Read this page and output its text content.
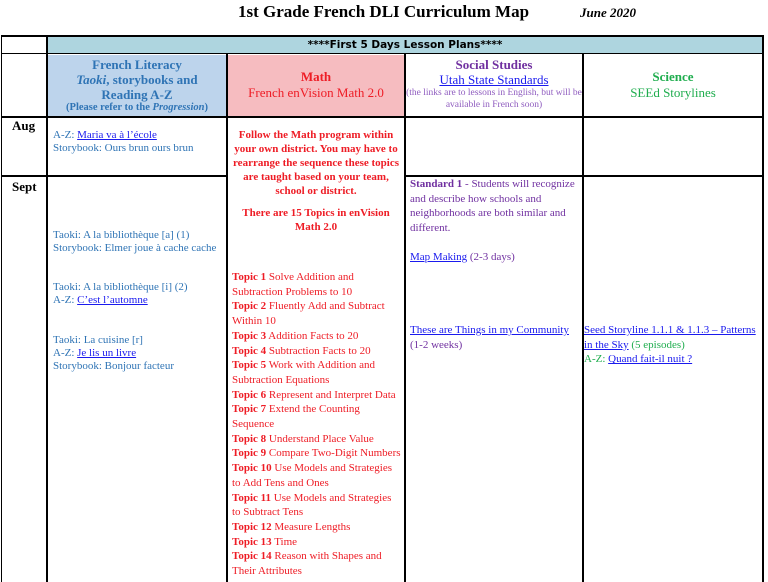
1st Grade French DLI Curriculum Map	June 2020
****First 5 Days Lesson Plans****
French Literacy
Taoki, storybooks and
Reading A-Z
(Please refer to the Progression)
Math
French enVision Math 2.0
Social Studies
Utah State Standards
(the links are to lessons in English, but will be available in French soon)
Science
SEEd Storylines
Aug
Sept
A-Z: Maria va à l’école
Storybook: Ours brun ours brun
Taoki: A la bibliothèque [a] (1)
Storybook: Elmer joue à cache cache
Taoki: A la bibliothèque [i] (2)
A-Z: C’est l’automne
Taoki: La cuisine [r]
A-Z: Je lis un livre
Storybook: Bonjour facteur
Follow the Math program within your own district. You may have to rearrange the sequence these topics are taught based on your team, school or district.
There are 15 Topics in enVision Math 2.0
Topic 1 Solve Addition and Subtraction Problems to 10
Topic 2 Fluently Add and Subtract Within 10
Topic 3 Addition Facts to 20
Topic 4 Subtraction Facts to 20
Topic 5 Work with Addition and Subtraction Equations
Topic 6 Represent and Interpret Data
Topic 7 Extend the Counting Sequence
Topic 8 Understand Place Value
Topic 9 Compare Two-Digit Numbers
Topic 10 Use Models and Strategies to Add Tens and Ones
Topic 11 Use Models and Strategies to Subtract Tens
Topic 12 Measure Lengths
Topic 13 Time
Topic 14 Reason with Shapes and Their Attributes
Standard 1 - Students will recognize and describe how schools and neighborhoods are both similar and different.
Map Making (2-3 days)
These are Things in my Community (1-2 weeks)
Seed Storyline 1.1.1 & 1.1.3 – Patterns in the Sky (5 episodes)
A-Z: Quand fait-il nuit ?
